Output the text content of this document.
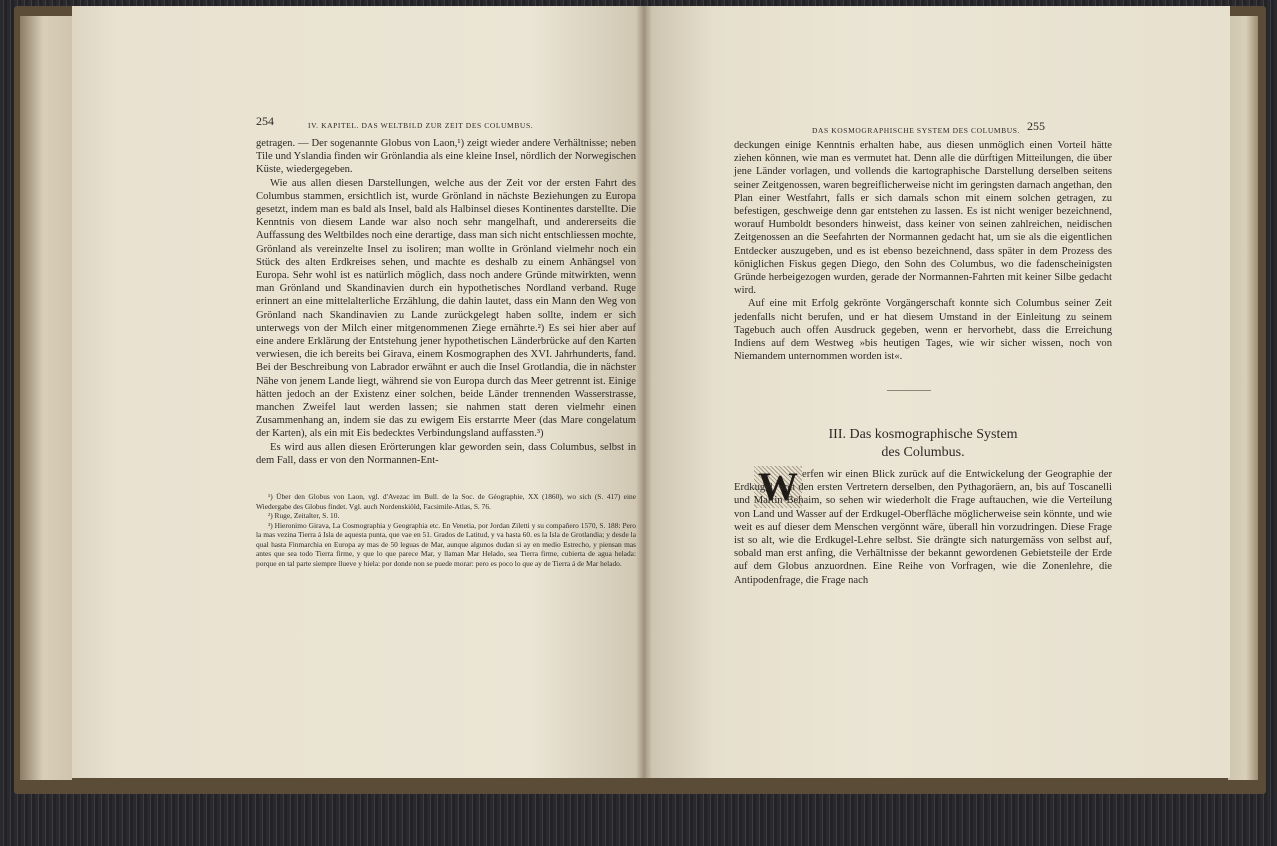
254	IV. KAPITEL. DAS WELTBILD ZUR ZEIT DES COLUMBUS.

getragen. — Der sogenannte Globus von Laon,¹) zeigt wieder andere Verhältnisse; neben Tile und Yslandia finden wir Grönlandia als eine kleine Insel, nördlich der Norwegischen Küste, wiedergegeben.

Wie aus allen diesen Darstellungen, welche aus der Zeit vor der ersten Fahrt des Columbus stammen, ersichtlich ist, wurde Grönland in nächste Beziehungen zu Europa gesetzt, indem man es bald als Insel, bald als Halbinsel dieses Kontinentes darstellte. Die Kenntnis von diesem Lande war also noch sehr mangelhaft, und andererseits die Auffassung des Weltbildes noch eine derartige, dass man sich nicht entschliessen mochte, Grönland als vereinzelte Insel zu isoliren; man wollte in Grönland vielmehr noch ein Stück des alten Erdkreises sehen, und machte es deshalb zu einem Anhängsel von Europa. Sehr wohl ist es natürlich möglich, dass noch andere Gründe mitwirkten, wenn man Grönland und Skandinavien durch ein hypothetisches Nordland verband. Ruge erinnert an eine mittelalterliche Erzählung, die dahin lautet, dass ein Mann den Weg von Grönland nach Skandinavien zu Lande zurückgelegt haben sollte, indem er sich unterwegs von der Milch einer mitgenommenen Ziege ernährte.²) Es sei hier aber auf eine andere Erklärung der Entstehung jener hypothetischen Länderbrücke auf den Karten verwiesen, die ich bereits bei Girava, einem Kosmographen des XVI. Jahrhunderts, fand. Bei der Beschreibung von Labrador erwähnt er auch die Insel Grotlandia, die in nächster Nähe von jenem Lande liegt, während sie von Europa durch das Meer getrennt ist. Einige hätten jedoch an der Existenz einer solchen, beide Länder trennenden Wasserstrasse, manchen Zweifel laut werden lassen; sie nahmen statt deren vielmehr einen Zusammenhang an, indem sie das zu ewigem Eis erstarrte Meer (das Mare congelatum der Karten), als ein mit Eis bedecktes Verbindungsland auffassten.³)

Es wird aus allen diesen Erörterungen klar geworden sein, dass Columbus, selbst in dem Fall, dass er von den Normannen-Ent-

¹) Über den Globus von Laon, vgl. d'Avezac im Bull. de la Soc. de Géographie, XX (1860), wo sich (S. 417) eine Wiedergabe des Globus findet. Vgl. auch Nordenskiöld, Facsimile-Atlas, S. 76.

²) Ruge, Zeitalter, S. 10.

³) Hieronimo Girava, La Cosmographia y Geographia etc. En Venetia, por Jordan Ziletti y su compañero 1570, S. 188: Pero la mas vezina Tierra á Isla de aquesta punta, que vae en 51. Grados de Latitud, y va hasta 60. es la Isla de Grotlandia; y desde la qual hasta Finmarchia en Europa ay mas de 50 leguas de Mar, aunque algunos dudan si ay en medio Estrecho, y piensan mas antes que sea todo Tierra firme, y que lo que parece Mar, y llaman Mar Helado, sea Tierra firme, cubierta de agua helada: porque en tal parte siempre llueve y hiela: por donde non se puede morar: pero es poco lo que ay de Tierra á de Mar helado.

DAS KOSMOGRAPHISCHE SYSTEM DES COLUMBUS. 255

deckungen einige Kenntnis erhalten habe, aus diesen unmöglich einen Vorteil hätte ziehen können, wie man es vermutet hat. Denn alle die dürftigen Mitteilungen, die über jene Länder vorlagen, und vollends die kartographische Darstellung derselben seitens seiner Zeitgenossen, waren begreiflicherweise nicht im geringsten darnach angethan, den Plan einer Westfahrt, falls er sich damals schon mit einem solchen getragen, zu befestigen, geschweige denn gar entstehen zu lassen. Es ist nicht weniger bezeichnend, worauf Humboldt besonders hinweist, dass keiner von seinen zahlreichen, neidischen Zeitgenossen an die Seefahrten der Normannen gedacht hat, um sie als die eigentlichen Entdecker auszugeben, und es ist ebenso bezeichnend, dass später in dem Prozess des königlichen Fiskus gegen Diego, den Sohn des Columbus, wo die fadenscheinigsten Gründe herbeigezogen wurden, gerade der Normannen-Fahrten mit keiner Silbe gedacht wird.

Auf eine mit Erfolg gekrönte Vorgängerschaft konnte sich Columbus seiner Zeit jedenfalls nicht berufen, und er hat diesem Umstand in der Einleitung zu seinem Tagebuch auch offen Ausdruck gegeben, wenn er hervorhebt, dass die Erreichung Indiens auf dem Westweg »bis heutigen Tages, wie wir sicher wissen, noch von Niemandem unternommen worden ist«.

III. Das kosmographische System
des Columbus.
W erfen wir einen Blick zurück auf die Entwickelung der Geographie der Erdkugel, von den ersten Vertretern derselben, den Pythagoräern, an, bis auf Toscanelli und Martin Behaim, so sehen wir wiederholt die Frage auftauchen, wie die Verteilung von Land und Wasser auf der Erdkugel-Oberfläche möglicherweise sein könnte, und wie weit es auf dieser dem Menschen vergönnt wäre, überall hin vorzudringen. Diese Frage ist so alt, wie die Erdkugel-Lehre selbst. Sie drängte sich naturgemäss von selbst auf, sobald man erst anfing, die Verhältnisse der bekannt gewordenen Gebietsteile der Erde auf dem Globus anzuordnen. Eine Reihe von Vorfragen, wie die Zonenlehre, die Antipodenfrage, die Frage nach
